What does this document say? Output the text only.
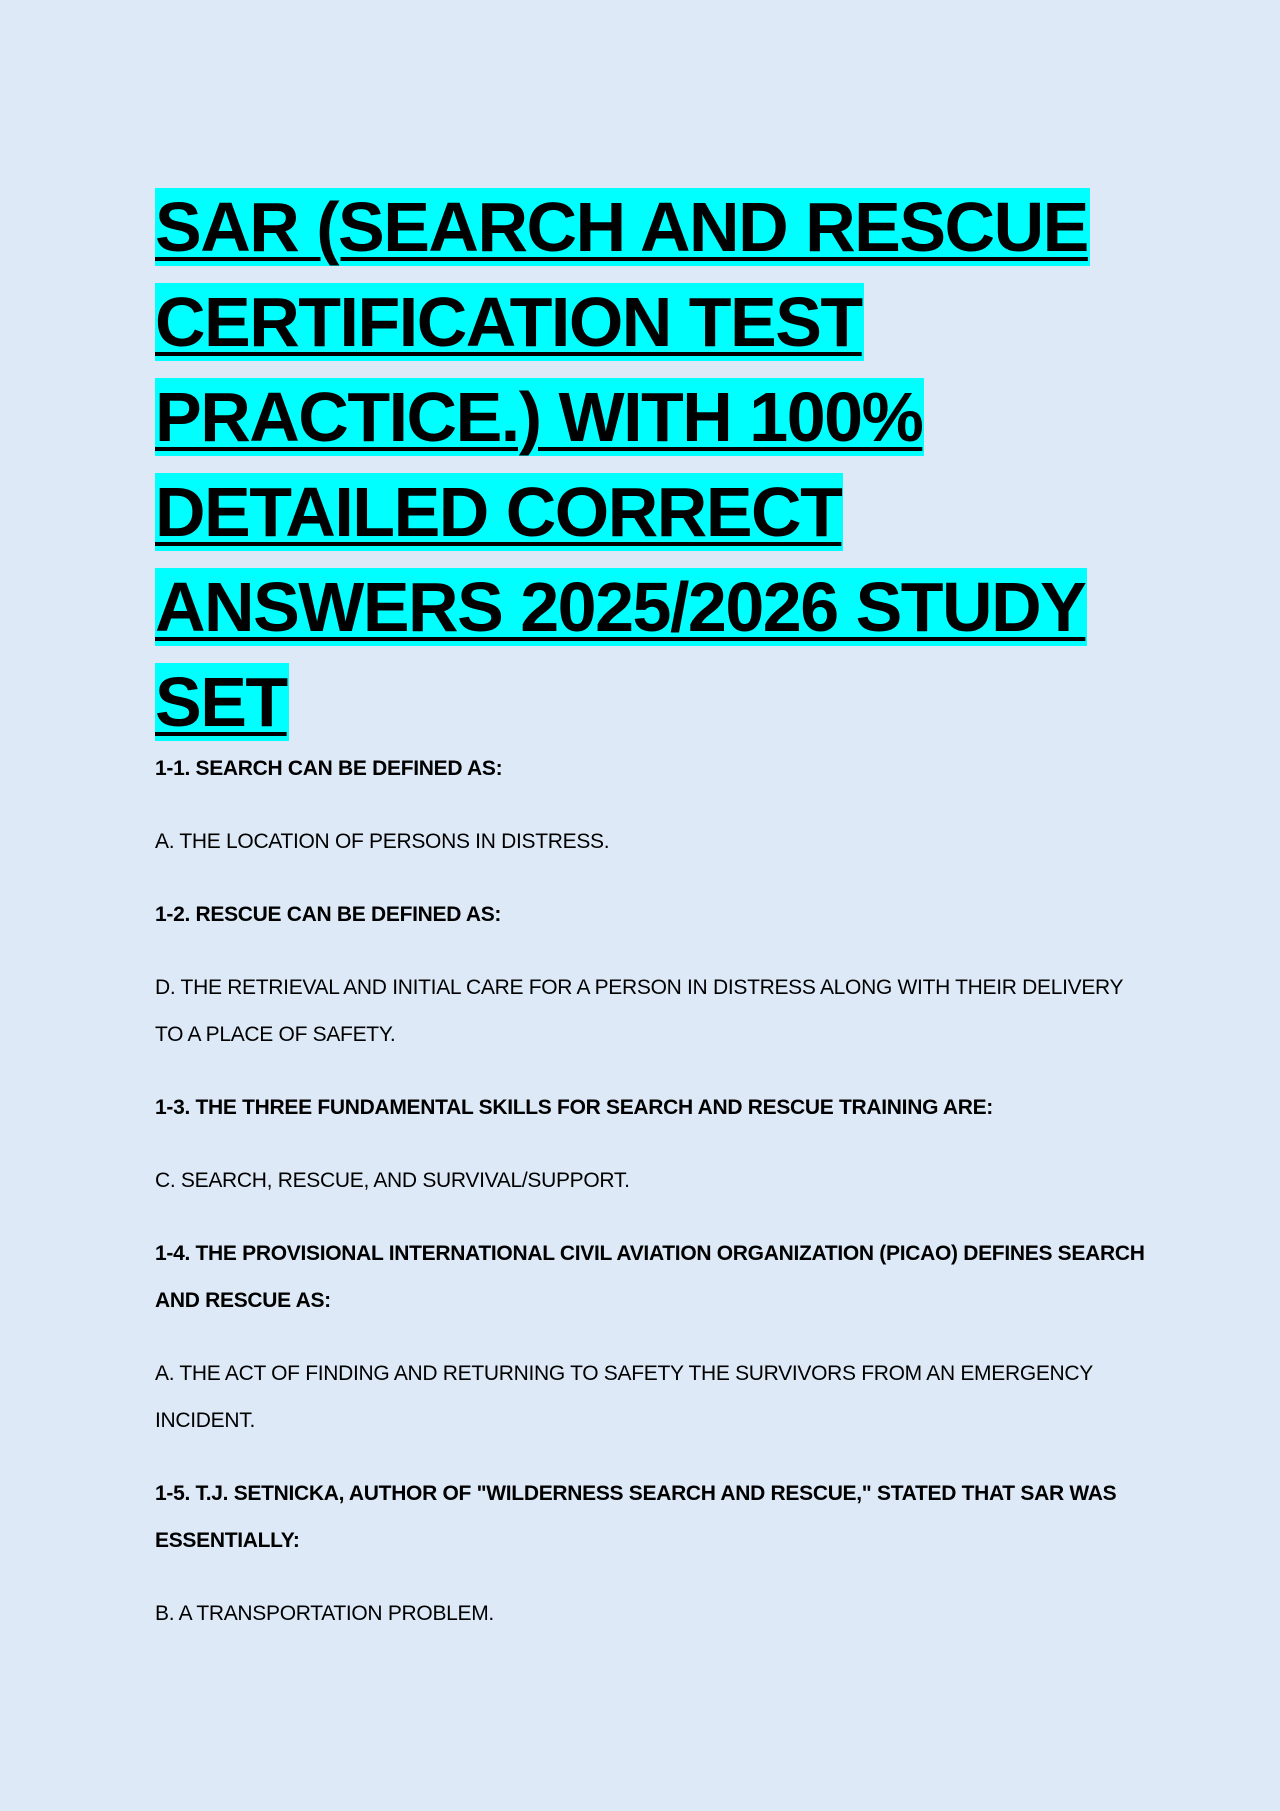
SAR (SEARCH AND RESCUE CERTIFICATION TEST PRACTICE.) WITH 100% DETAILED CORRECT ANSWERS 2025/2026 STUDY SET

1-1. SEARCH CAN BE DEFINED AS:

A. THE LOCATION OF PERSONS IN DISTRESS.

1-2. RESCUE CAN BE DEFINED AS:

D. THE RETRIEVAL AND INITIAL CARE FOR A PERSON IN DISTRESS ALONG WITH THEIR DELIVERY TO A PLACE OF SAFETY.

1-3. THE THREE FUNDAMENTAL SKILLS FOR SEARCH AND RESCUE TRAINING ARE:

C. SEARCH, RESCUE, AND SURVIVAL/SUPPORT.

1-4. THE PROVISIONAL INTERNATIONAL CIVIL AVIATION ORGANIZATION (PICAO) DEFINES SEARCH AND RESCUE AS:

A. THE ACT OF FINDING AND RETURNING TO SAFETY THE SURVIVORS FROM AN EMERGENCY INCIDENT.

1-5. T.J. SETNICKA, AUTHOR OF "WILDERNESS SEARCH AND RESCUE," STATED THAT SAR WAS ESSENTIALLY:

B. A TRANSPORTATION PROBLEM.
